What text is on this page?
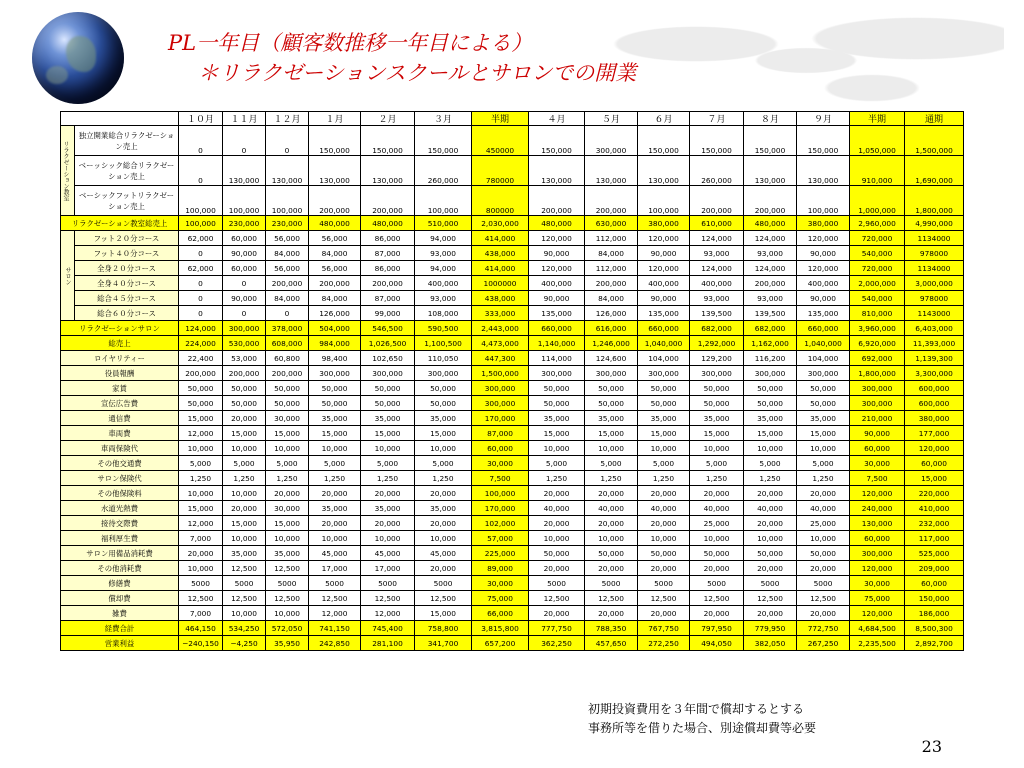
PL一年目（顧客数推移一年目による）
＊リラクゼーションスクールとサロンでの開業
		１０月	１１月	１２月	１月	２月	３月	半期	４月	５月	６月	７月	８月	９月	半期	通期
リラクゼーション教室	独立開業総合リラクゼーション売上	0	0	0	150,000	150,000	150,000	450000	150,000	300,000	150,000	150,000	150,000	150,000	1,050,000	1,500,000
	ベーッシック総合リラクゼーション売上	0	130,000	130,000	130,000	130,000	260,000	780000	130,000	130,000	130,000	260,000	130,000	130,000	910,000	1,690,000
	ベーシックフットリラクゼーション売上	100,000	100,000	100,000	200,000	200,000	100,000	800000	200,000	200,000	100,000	200,000	200,000	100,000	1,000,000	1,800,000
リラクゼーション教室総売上		100,000	230,000	230,000	480,000	480,000	510,000	2,030,000	480,000	630,000	380,000	610,000	480,000	380,000	2,960,000	4,990,000
サロン	フット２０分コース	62,000	60,000	56,000	56,000	86,000	94,000	414,000	120,000	112,000	120,000	124,000	124,000	120,000	720,000	1134000
	フット４０分コース	0	90,000	84,000	84,000	87,000	93,000	438,000	90,000	84,000	90,000	93,000	93,000	90,000	540,000	978000
	全身２０分コース	62,000	60,000	56,000	56,000	86,000	94,000	414,000	120,000	112,000	120,000	124,000	124,000	120,000	720,000	1134000
	全身４０分コース	0	0	200,000	200,000	200,000	400,000	1000000	400,000	200,000	400,000	400,000	200,000	400,000	2,000,000	3,000,000
	総合４５分コース	0	90,000	84,000	84,000	87,000	93,000	438,000	90,000	84,000	90,000	93,000	93,000	90,000	540,000	978000
	総合６０分コース	0	0	0	126,000	99,000	108,000	333,000	135,000	126,000	135,000	139,500	139,500	135,000	810,000	1143000
リラクゼーションサロン		124,000	300,000	378,000	504,000	546,500	590,500	2,443,000	660,000	616,000	660,000	682,000	682,000	660,000	3,960,000	6,403,000
総売上		224,000	530,000	608,000	984,000	1,026,500	1,100,500	4,473,000	1,140,000	1,246,000	1,040,000	1,292,000	1,162,000	1,040,000	6,920,000	11,393,000
ロイヤリティー		22,400	53,000	60,800	98,400	102,650	110,050	447,300	114,000	124,600	104,000	129,200	116,200	104,000	692,000	1,139,300
役員報酬		200,000	200,000	200,000	300,000	300,000	300,000	1,500,000	300,000	300,000	300,000	300,000	300,000	300,000	1,800,000	3,300,000
家賃		50,000	50,000	50,000	50,000	50,000	50,000	300,000	50,000	50,000	50,000	50,000	50,000	50,000	300,000	600,000
宣伝広告費		50,000	50,000	50,000	50,000	50,000	50,000	300,000	50,000	50,000	50,000	50,000	50,000	50,000	300,000	600,000
通信費		15,000	20,000	30,000	35,000	35,000	35,000	170,000	35,000	35,000	35,000	35,000	35,000	35,000	210,000	380,000
車両費		12,000	15,000	15,000	15,000	15,000	15,000	87,000	15,000	15,000	15,000	15,000	15,000	15,000	90,000	177,000
車両保険代		10,000	10,000	10,000	10,000	10,000	10,000	60,000	10,000	10,000	10,000	10,000	10,000	10,000	60,000	120,000
その他交通費		5,000	5,000	5,000	5,000	5,000	5,000	30,000	5,000	5,000	5,000	5,000	5,000	5,000	30,000	60,000
サロン保険代		1,250	1,250	1,250	1,250	1,250	1,250	7,500	1,250	1,250	1,250	1,250	1,250	1,250	7,500	15,000
その他保険料		10,000	10,000	20,000	20,000	20,000	20,000	100,000	20,000	20,000	20,000	20,000	20,000	20,000	120,000	220,000
水道光熱費		15,000	20,000	30,000	35,000	35,000	35,000	170,000	40,000	40,000	40,000	40,000	40,000	40,000	240,000	410,000
接待交際費		12,000	15,000	15,000	20,000	20,000	20,000	102,000	20,000	20,000	20,000	25,000	20,000	25,000	130,000	232,000
福利厚生費		7,000	10,000	10,000	10,000	10,000	10,000	57,000	10,000	10,000	10,000	10,000	10,000	10,000	60,000	117,000
サロン用備品消耗費		20,000	35,000	35,000	45,000	45,000	45,000	225,000	50,000	50,000	50,000	50,000	50,000	50,000	300,000	525,000
その他消耗費		10,000	12,500	12,500	17,000	17,000	20,000	89,000	20,000	20,000	20,000	20,000	20,000	20,000	120,000	209,000
修繕費		5000	5000	5000	5000	5000	5000	30,000	5000	5000	5000	5000	5000	5000	30,000	60,000
償却費		12,500	12,500	12,500	12,500	12,500	12,500	75,000	12,500	12,500	12,500	12,500	12,500	12,500	75,000	150,000
雑費		7,000	10,000	10,000	12,000	12,000	15,000	66,000	20,000	20,000	20,000	20,000	20,000	20,000	120,000	186,000
経費合計		464,150	534,250	572,050	741,150	745,400	758,800	3,815,800	777,750	788,350	767,750	797,950	779,950	772,750	4,684,500	8,500,300
営業利益		−240,150	−4,250	35,950	242,850	281,100	341,700	657,200	362,250	457,650	272,250	494,050	382,050	267,250	2,235,500	2,892,700
初期投資費用を３年間で償却するとする
事務所等を借りた場合、別途償却費等必要
23
